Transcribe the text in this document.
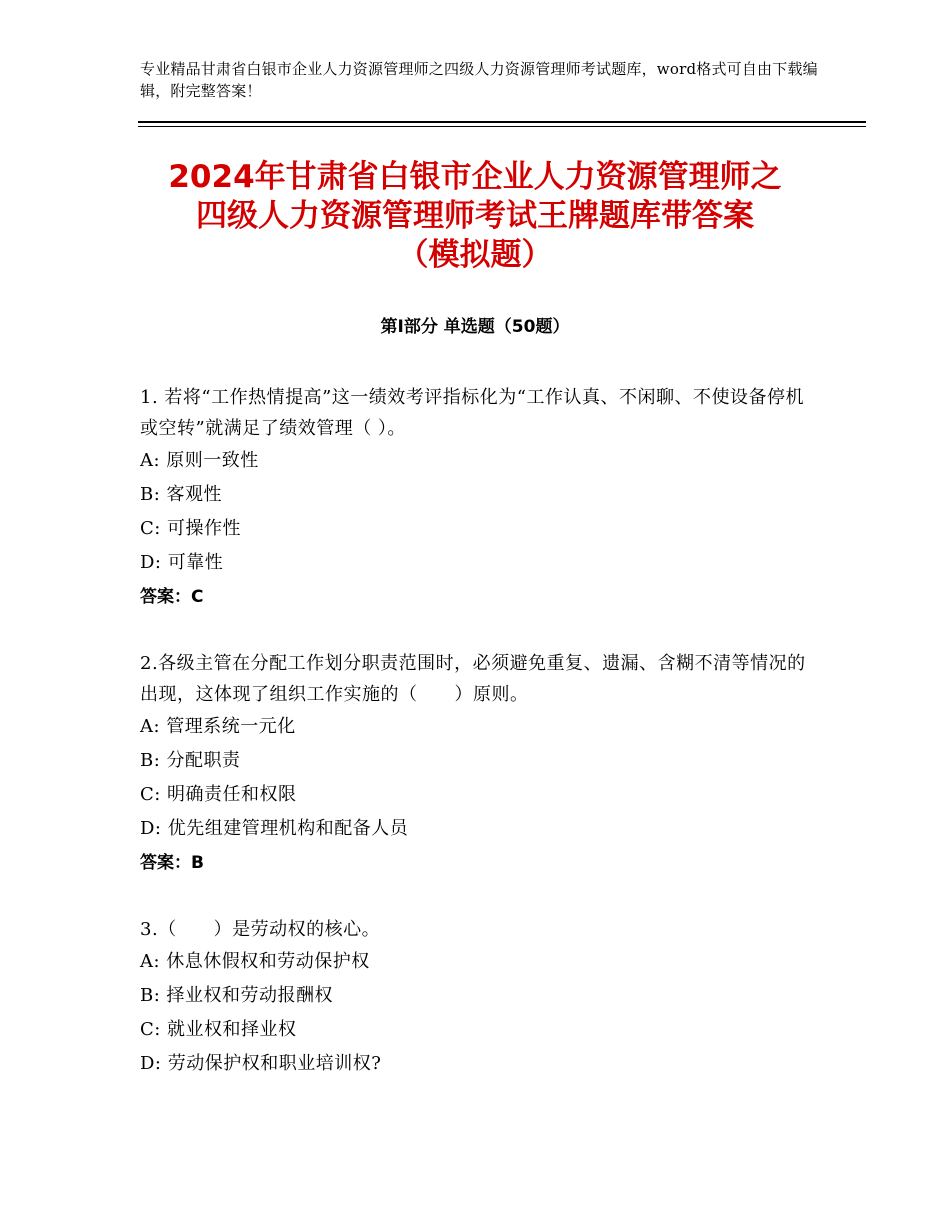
专业精品甘肃省白银市企业人力资源管理师之四级人力资源管理师考试题库，word格式可自由下载编辑，附完整答案！
2024年甘肃省白银市企业人力资源管理师之
四级人力资源管理师考试王牌题库带答案
（模拟题）
第Ⅰ部分 单选题（50题）
1. 若将“工作热情提高”这一绩效考评指标化为“工作认真、不闲聊、不使设备停机或空转”就满足了绩效管理（ ）。
A: 原则一致性
B: 客观性
C: 可操作性
D: 可靠性
答案：C
2.各级主管在分配工作划分职责范围时，必须避免重复、遗漏、含糊不清等情况的出现，这体现了组织工作实施的（　　）原则。
A: 管理系统一元化
B: 分配职责
C: 明确责任和权限
D: 优先组建管理机构和配备人员
答案：B
3.（　　）是劳动权的核心。
A: 休息休假权和劳动保护权
B: 择业权和劳动报酬权
C: 就业权和择业权
D: 劳动保护权和职业培训权?
